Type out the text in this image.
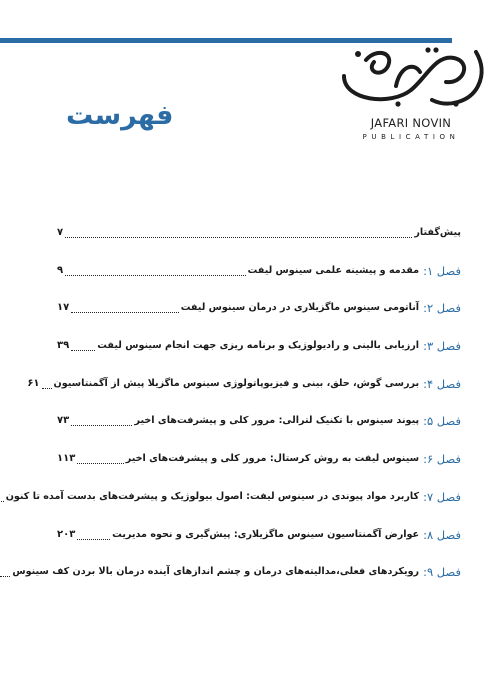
JAFARI NOVIN
PUBLICATION
فهرست
پیش‌گفتار
۷
فصل ۱:
مقدمه و پیشینه علمی سینوس لیفت
۹
فصل ۲:
آناتومی سینوس ماگزیلاری در درمان سینوس لیفت
۱۷
فصل ۳:
ارزیابی بالینی و رادیولوژیک و برنامه ریزی جهت انجام سینوس لیفت
۳۹
فصل ۴:
بررسی گوش، حلق، بینی و فیزیوپاتولوژی سینوس ماگزیلا پیش از آگمنتاسیون
۶۱
فصل ۵:
پیوند سینوس با تکنیک لترالی: مرور کلی و پیشرفت‌های اخیر
۷۳
فصل ۶:
سینوس لیفت به روش کرستال: مرور کلی و پیشرفت‌های اخیر
۱۱۳
فصل ۷:
کاربرد مواد پیوندی در سینوس لیفت: اصول بیولوژیک و پیشرفت‌های بدست آمده تا کنون
فصل ۸:
عوارض آگمنتاسیون سینوس ماگزیلاری: پیش‌گیری و نحوه مدیریت
۲۰۳
فصل ۹:
رویکردهای فعلی،مدالیته‌های درمان و چشم اندازهای آینده درمان بالا بردن کف سینوس
